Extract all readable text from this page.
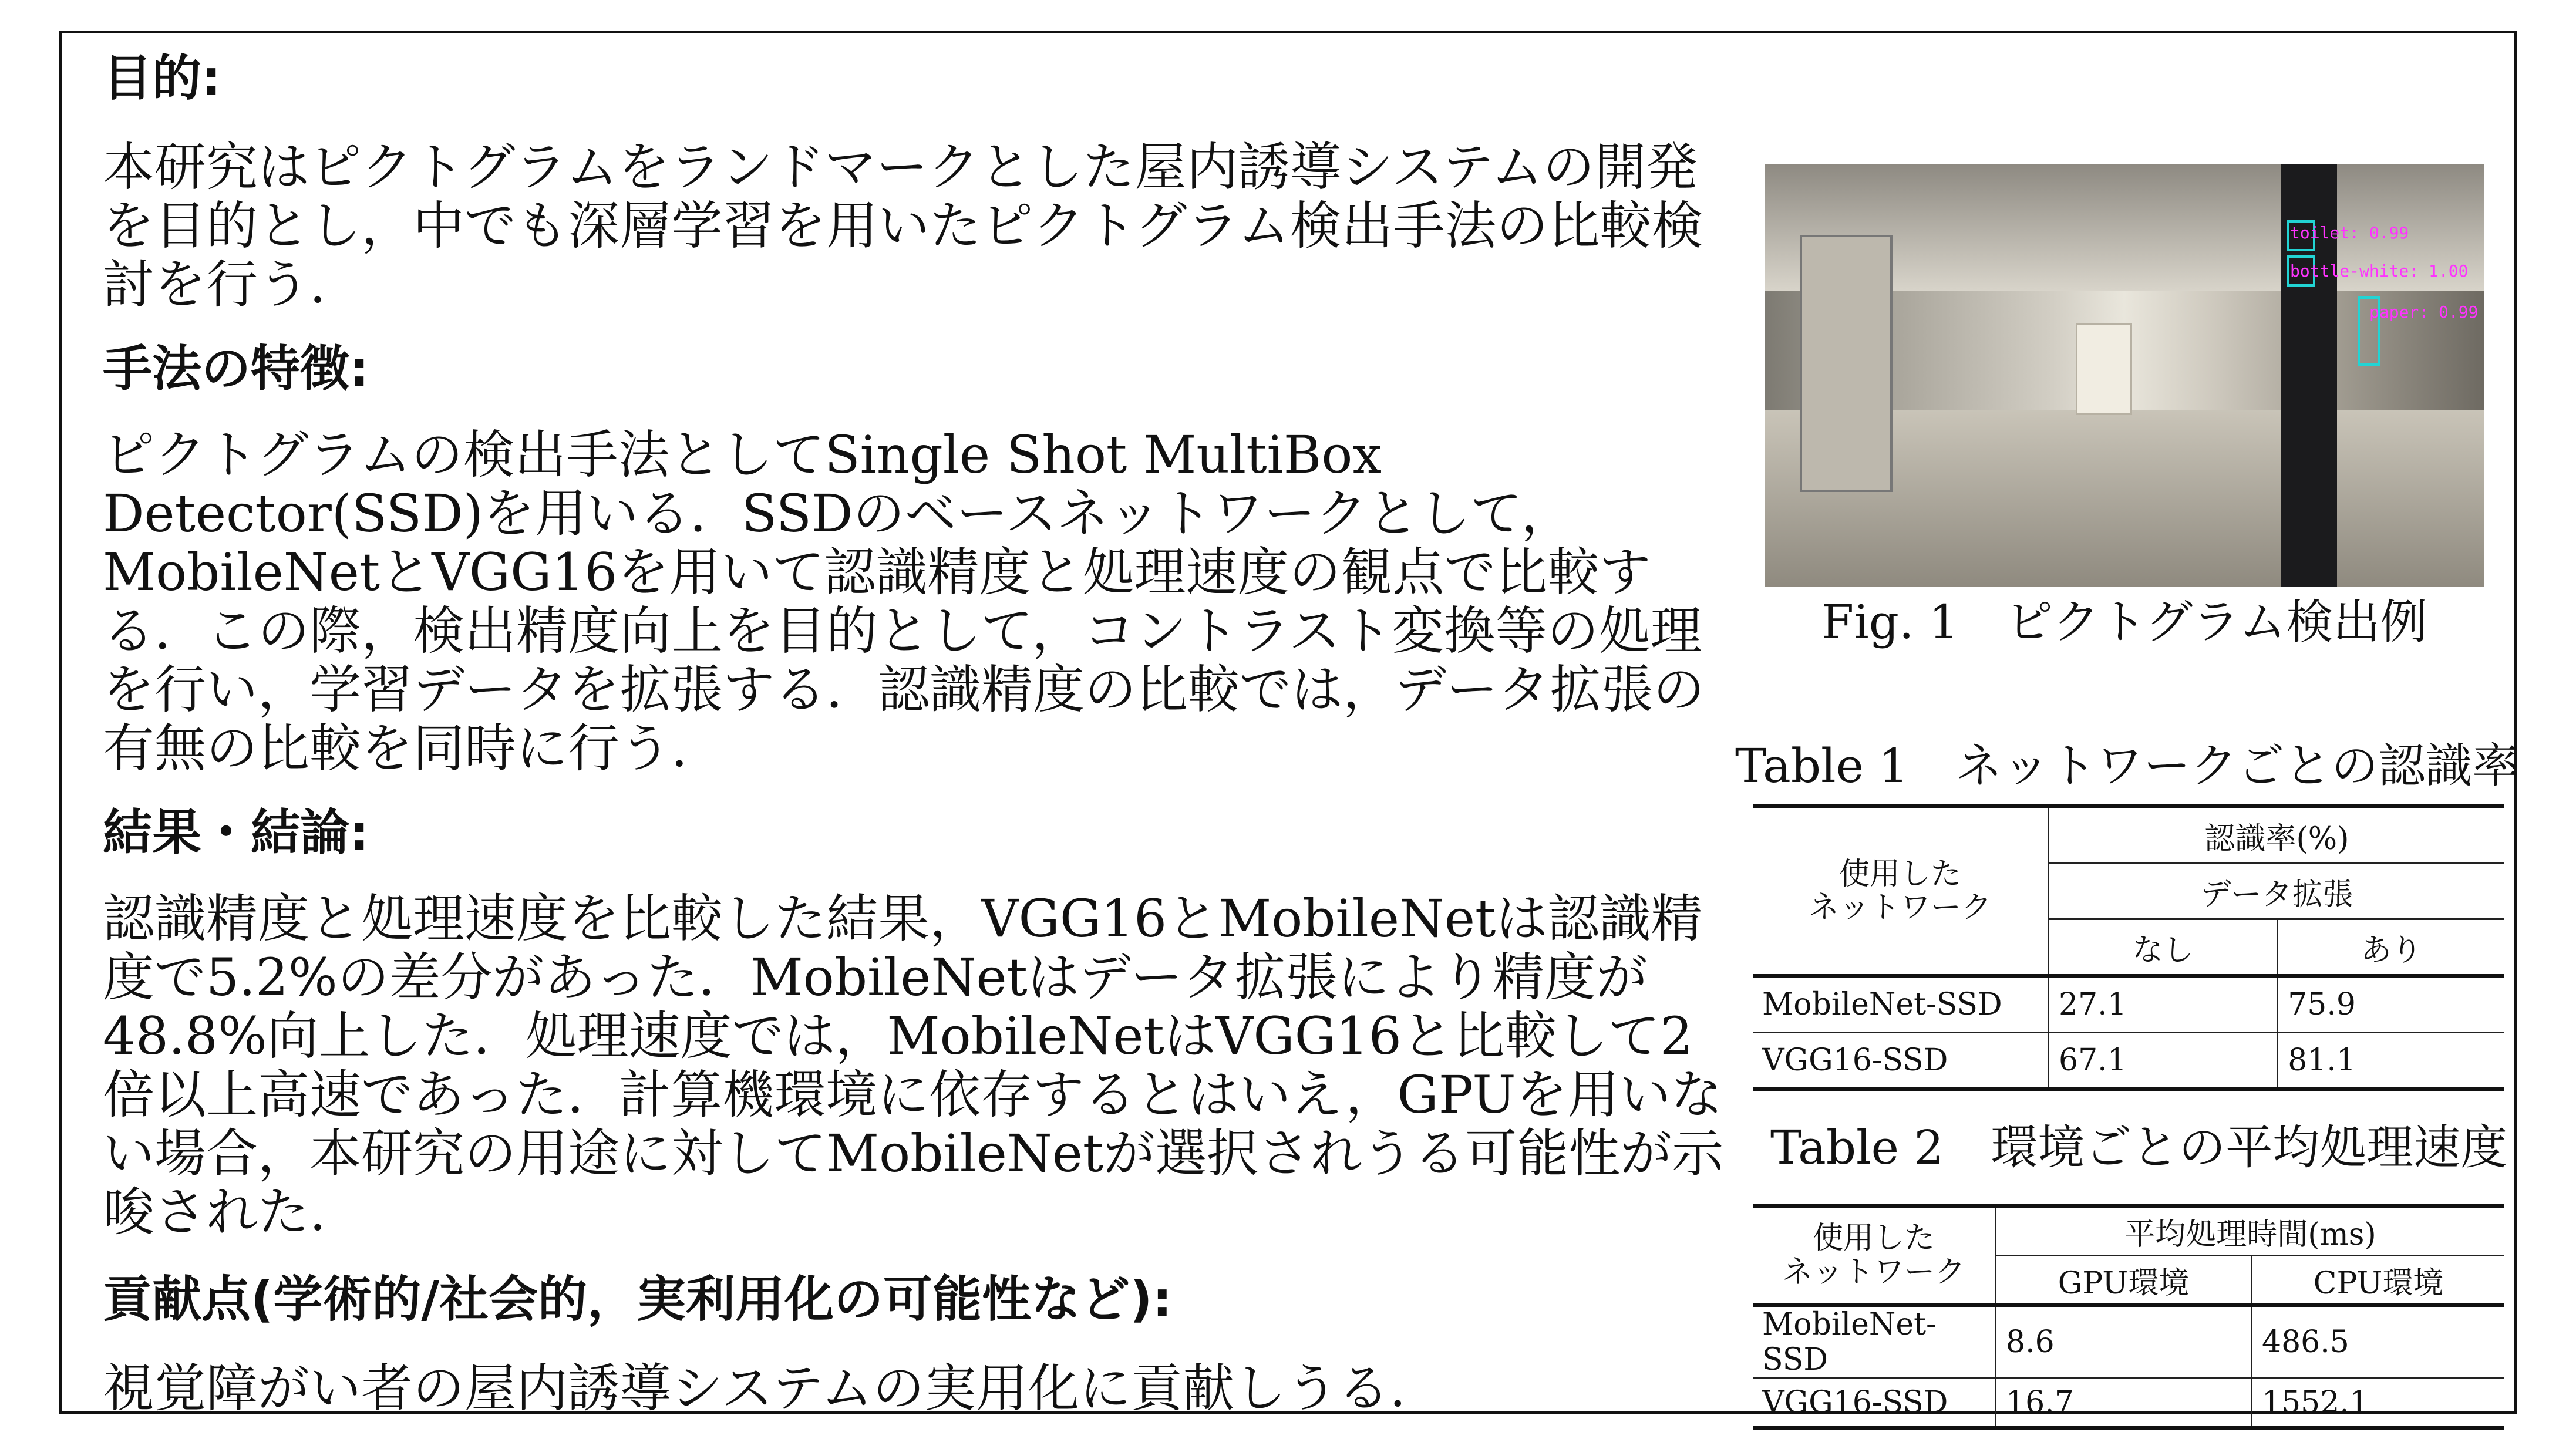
目的:

本研究はピクトグラムをランドマークとした屋内誘導システムの開発を目的とし，中でも深層学習を用いたピクトグラム検出手法の比較検討を行う.

手法の特徴:

ピクトグラムの検出手法としてSingle Shot MultiBox Detector(SSD)を用いる．SSDのベースネットワークとして，MobileNetとVGG16を用いて認識精度と処理速度の観点で比較する．この際，検出精度向上を目的として，コントラスト変換等の処理を行い，学習データを拡張する．認識精度の比較では，データ拡張の有無の比較を同時に行う.

結果・結論:

認識精度と処理速度を比較した結果，VGG16とMobileNetは認識精度で5.2%の差分があった．MobileNetはデータ拡張により精度が48.8%向上した．処理速度では，MobileNetはVGG16と比較して2倍以上高速であった．計算機環境に依存するとはいえ，GPUを用いない場合，本研究の用途に対してMobileNetが選択されうる可能性が示唆された.

貢献点(学術的/社会的，実利用化の可能性など):

視覚障がい者の屋内誘導システムの実用化に貢献しうる.

toilet: 0.99
bottle-white: 1.00
paper: 0.99
Fig. 1　ピクトグラム検出例
Table 1　ネットワークごとの認識率
使用した
ネットワーク	認識率(%)	
	データ拡張	
	なし	あり
MobileNet-SSD	27.1	75.9
VGG16-SSD	67.1	81.1
Table 2　環境ごとの平均処理速度
使用した
ネットワーク	平均処理時間(ms)	
	GPU環境	CPU環境
MobileNet-SSD	8.6	486.5
VGG16-SSD	16.7	1552.1
